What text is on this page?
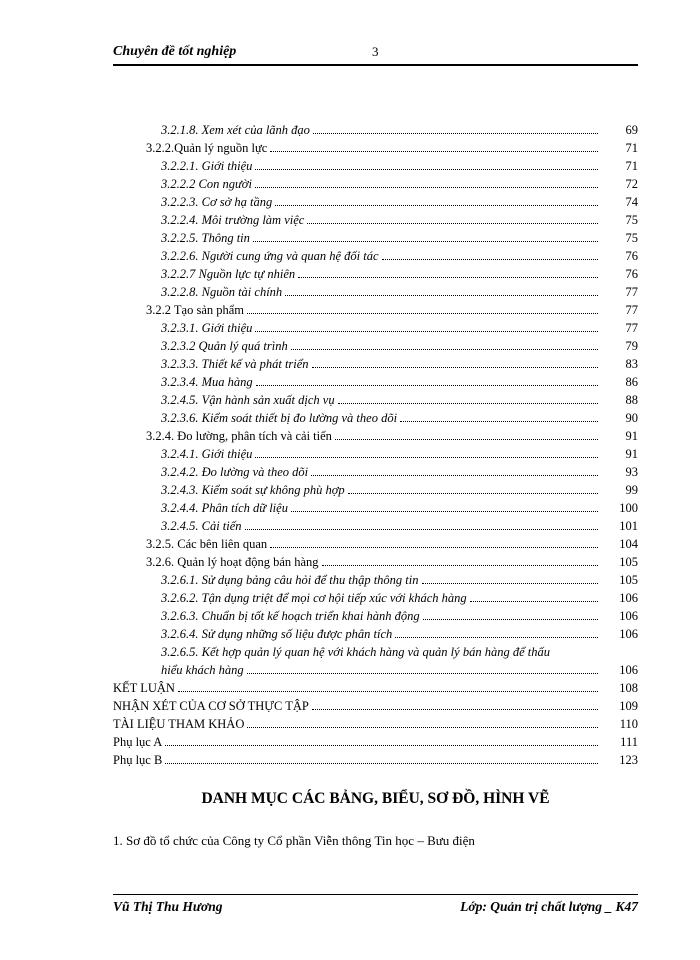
Chuyên đề tốt nghiệp	3
3.2.1.8. Xem xét của lãnh đạo	69
3.2.2.Quản lý nguồn lực	71
3.2.2.1. Giới thiệu	71
3.2.2.2 Con người	72
3.2.2.3. Cơ sở hạ tầng	74
3.2.2.4. Môi trường làm việc	75
3.2.2.5. Thông tin	75
3.2.2.6. Người cung ứng và quan hệ đối tác	76
3.2.2.7 Nguồn lực tự nhiên	76
3.2.2.8. Nguồn tài chính	77
3.2.2 Tạo sản phẩm	77
3.2.3.1. Giới thiệu	77
3.2.3.2 Quản lý quá trình	79
3.2.3.3. Thiết kế và phát triển	83
3.2.3.4. Mua hàng	86
3.2.4.5. Vận hành sản xuất dịch vụ	88
3.2.3.6. Kiểm soát thiết bị đo lường và theo dõi	90
3.2.4. Đo lường, phân tích và cải tiến	91
3.2.4.1. Giới thiệu	91
3.2.4.2. Đo lường và theo dõi	93
3.2.4.3. Kiểm soát sự không phù hợp	99
3.2.4.4. Phân tích dữ liệu	100
3.2.4.5. Cải tiến	101
3.2.5. Các bên liên quan	104
3.2.6. Quản lý hoạt động bán hàng	105
3.2.6.1. Sử dụng bảng câu hỏi để thu thập thông tin	105
3.2.6.2. Tận dụng triệt để mọi cơ hội tiếp xúc với khách hàng	106
3.2.6.3. Chuẩn bị tốt kế hoạch triển khai hành động	106
3.2.6.4. Sử dụng những số liệu được phân tích	106
3.2.6.5. Kết hợp quản lý quan hệ với khách hàng và quản lý bán hàng để thấu
hiểu khách hàng	106
KẾT LUẬN	108
NHẬN XÉT CỦA CƠ SỞ THỰC TẬP	109
TÀI LIỆU THAM KHẢO	110
Phụ lục A	111
Phụ lục B	123
DANH MỤC CÁC BẢNG, BIỂU, SƠ ĐỒ, HÌNH VẼ
1. Sơ đồ tổ chức của Công ty Cổ phần Viễn thông Tin học – Bưu điện
Vũ Thị Thu Hương	Lớp: Quản trị chất lượng _ K47
